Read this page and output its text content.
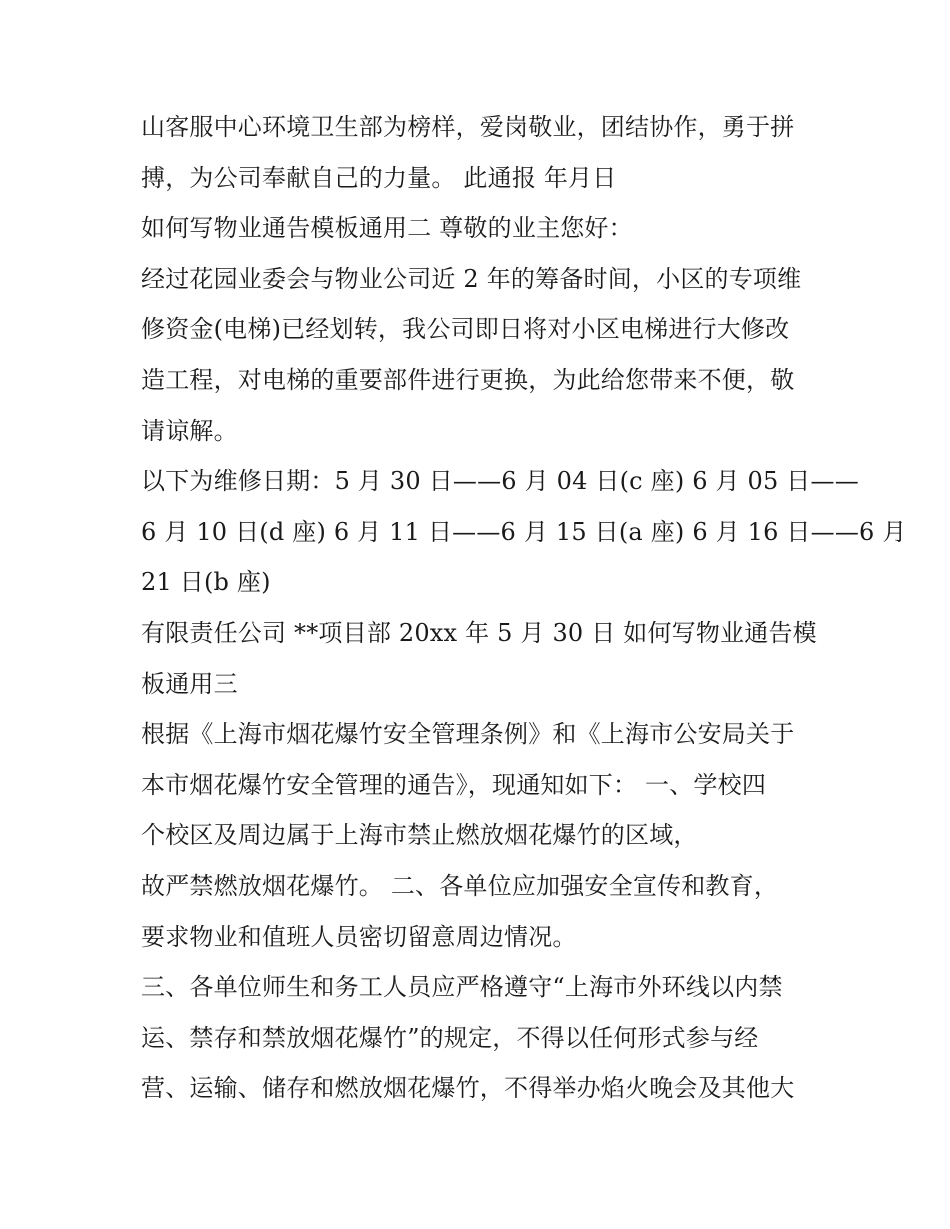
山客服中心环境卫生部为榜样，爱岗敬业，团结协作，勇于拼
搏，为公司奉献自己的力量。 此通报 年月日
如何写物业通告模板通用二 尊敬的业主您好：
经过花园业委会与物业公司近 2 年的筹备时间，小区的专项维
修资金(电梯)已经划转，我公司即日将对小区电梯进行大修改
造工程，对电梯的重要部件进行更换，为此给您带来不便，敬
请谅解。
以下为维修日期：5 月 30 日——6 月 04 日(c 座) 6 月 05 日——
6 月 10 日(d 座) 6 月 11 日——6 月 15 日(a 座) 6 月 16 日——6 月
21 日(b 座)
有限责任公司 **项目部 20xx 年 5 月 30 日 如何写物业通告模
板通用三
根据《上海市烟花爆竹安全管理条例》和《上海市公安局关于
本市烟花爆竹安全管理的通告》，现通知如下： 一、学校四
个校区及周边属于上海市禁止燃放烟花爆竹的区域，
故严禁燃放烟花爆竹。 二、各单位应加强安全宣传和教育，
要求物业和值班人员密切留意周边情况。
三、各单位师生和务工人员应严格遵守“上海市外环线以内禁
运、禁存和禁放烟花爆竹”的规定，不得以任何形式参与经
营、运输、储存和燃放烟花爆竹，不得举办焰火晚会及其他大
